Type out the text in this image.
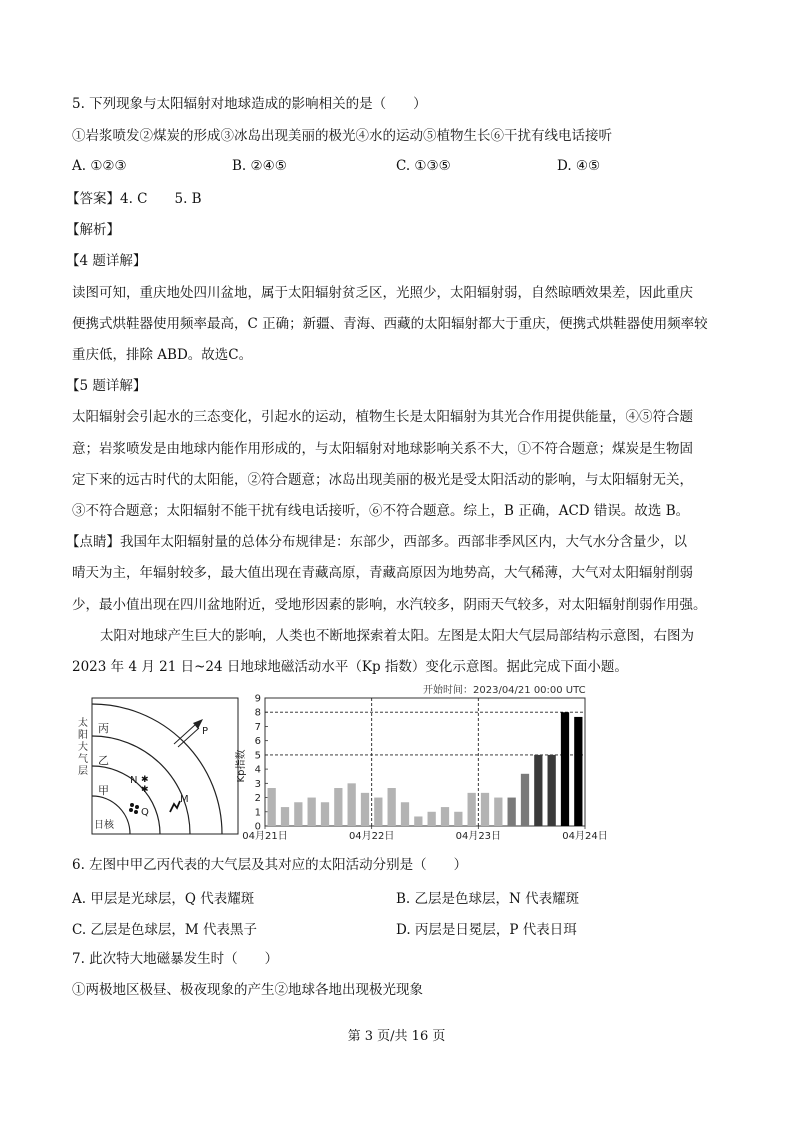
5. 下列现象与太阳辐射对地球造成的影响相关的是（　　）
①岩浆喷发②煤炭的形成③冰岛出现美丽的极光④水的运动⑤植物生长⑥干扰有线电话接听
A. ①②③	B. ②④⑤	C. ①③⑤	D. ④⑤
【答案】4. C　　5. B
【解析】
【4 题详解】
读图可知，重庆地处四川盆地，属于太阳辐射贫乏区，光照少，太阳辐射弱，自然晾晒效果差，因此重庆
便携式烘鞋器使用频率最高，C 正确；新疆、青海、西藏的太阳辐射都大于重庆，便携式烘鞋器使用频率较
重庆低，排除 ABD。故选C。
【5 题详解】
太阳辐射会引起水的三态变化，引起水的运动，植物生长是太阳辐射为其光合作用提供能量，④⑤符合题
意；岩浆喷发是由地球内能作用形成的，与太阳辐射对地球影响关系不大，①不符合题意；煤炭是生物固
定下来的远古时代的太阳能，②符合题意；冰岛出现美丽的极光是受太阳活动的影响，与太阳辐射无关，
③不符合题意；太阳辐射不能干扰有线电话接听，⑥不符合题意。综上，B 正确，ACD 错误。故选 B。
【点睛】我国年太阳辐射量的总体分布规律是：东部少，西部多。西部非季风区内，大气水分含量少，以
晴天为主，年辐射较多，最大值出现在青藏高原，青藏高原因为地势高，大气稀薄，大气对太阳辐射削弱
少，最小值出现在四川盆地附近，受地形因素的影响，水汽较多，阴雨天气较多，对太阳辐射削弱作用强。
太阳对地球产生巨大的影响，人类也不断地探索着太阳。左图是太阳大气层局部结构示意图，右图为
2023 年 4 月 21 日~24 日地球地磁活动水平（Kp 指数）变化示意图。据此完成下面小题。
太
阳
大
气
层
丙
乙
甲
日核
P
N ✱
✱
M
Q
开始时间：2023/04/21 00:00 UTC
Kp指数
0
1
2
3
4
5
6
7
8
9
04月21日	04月22日	04月23日	04月24日
6. 左图中甲乙丙代表的大气层及其对应的太阳活动分别是（　　）
A. 甲层是光球层，Q 代表耀斑	B. 乙层是色球层，N 代表耀斑
C. 乙层是色球层，M 代表黑子	D. 丙层是日冕层，P 代表日珥
7. 此次特大地磁暴发生时（　　）
①两极地区极昼、极夜现象的产生②地球各地出现极光现象
第 3 页/共 16 页
